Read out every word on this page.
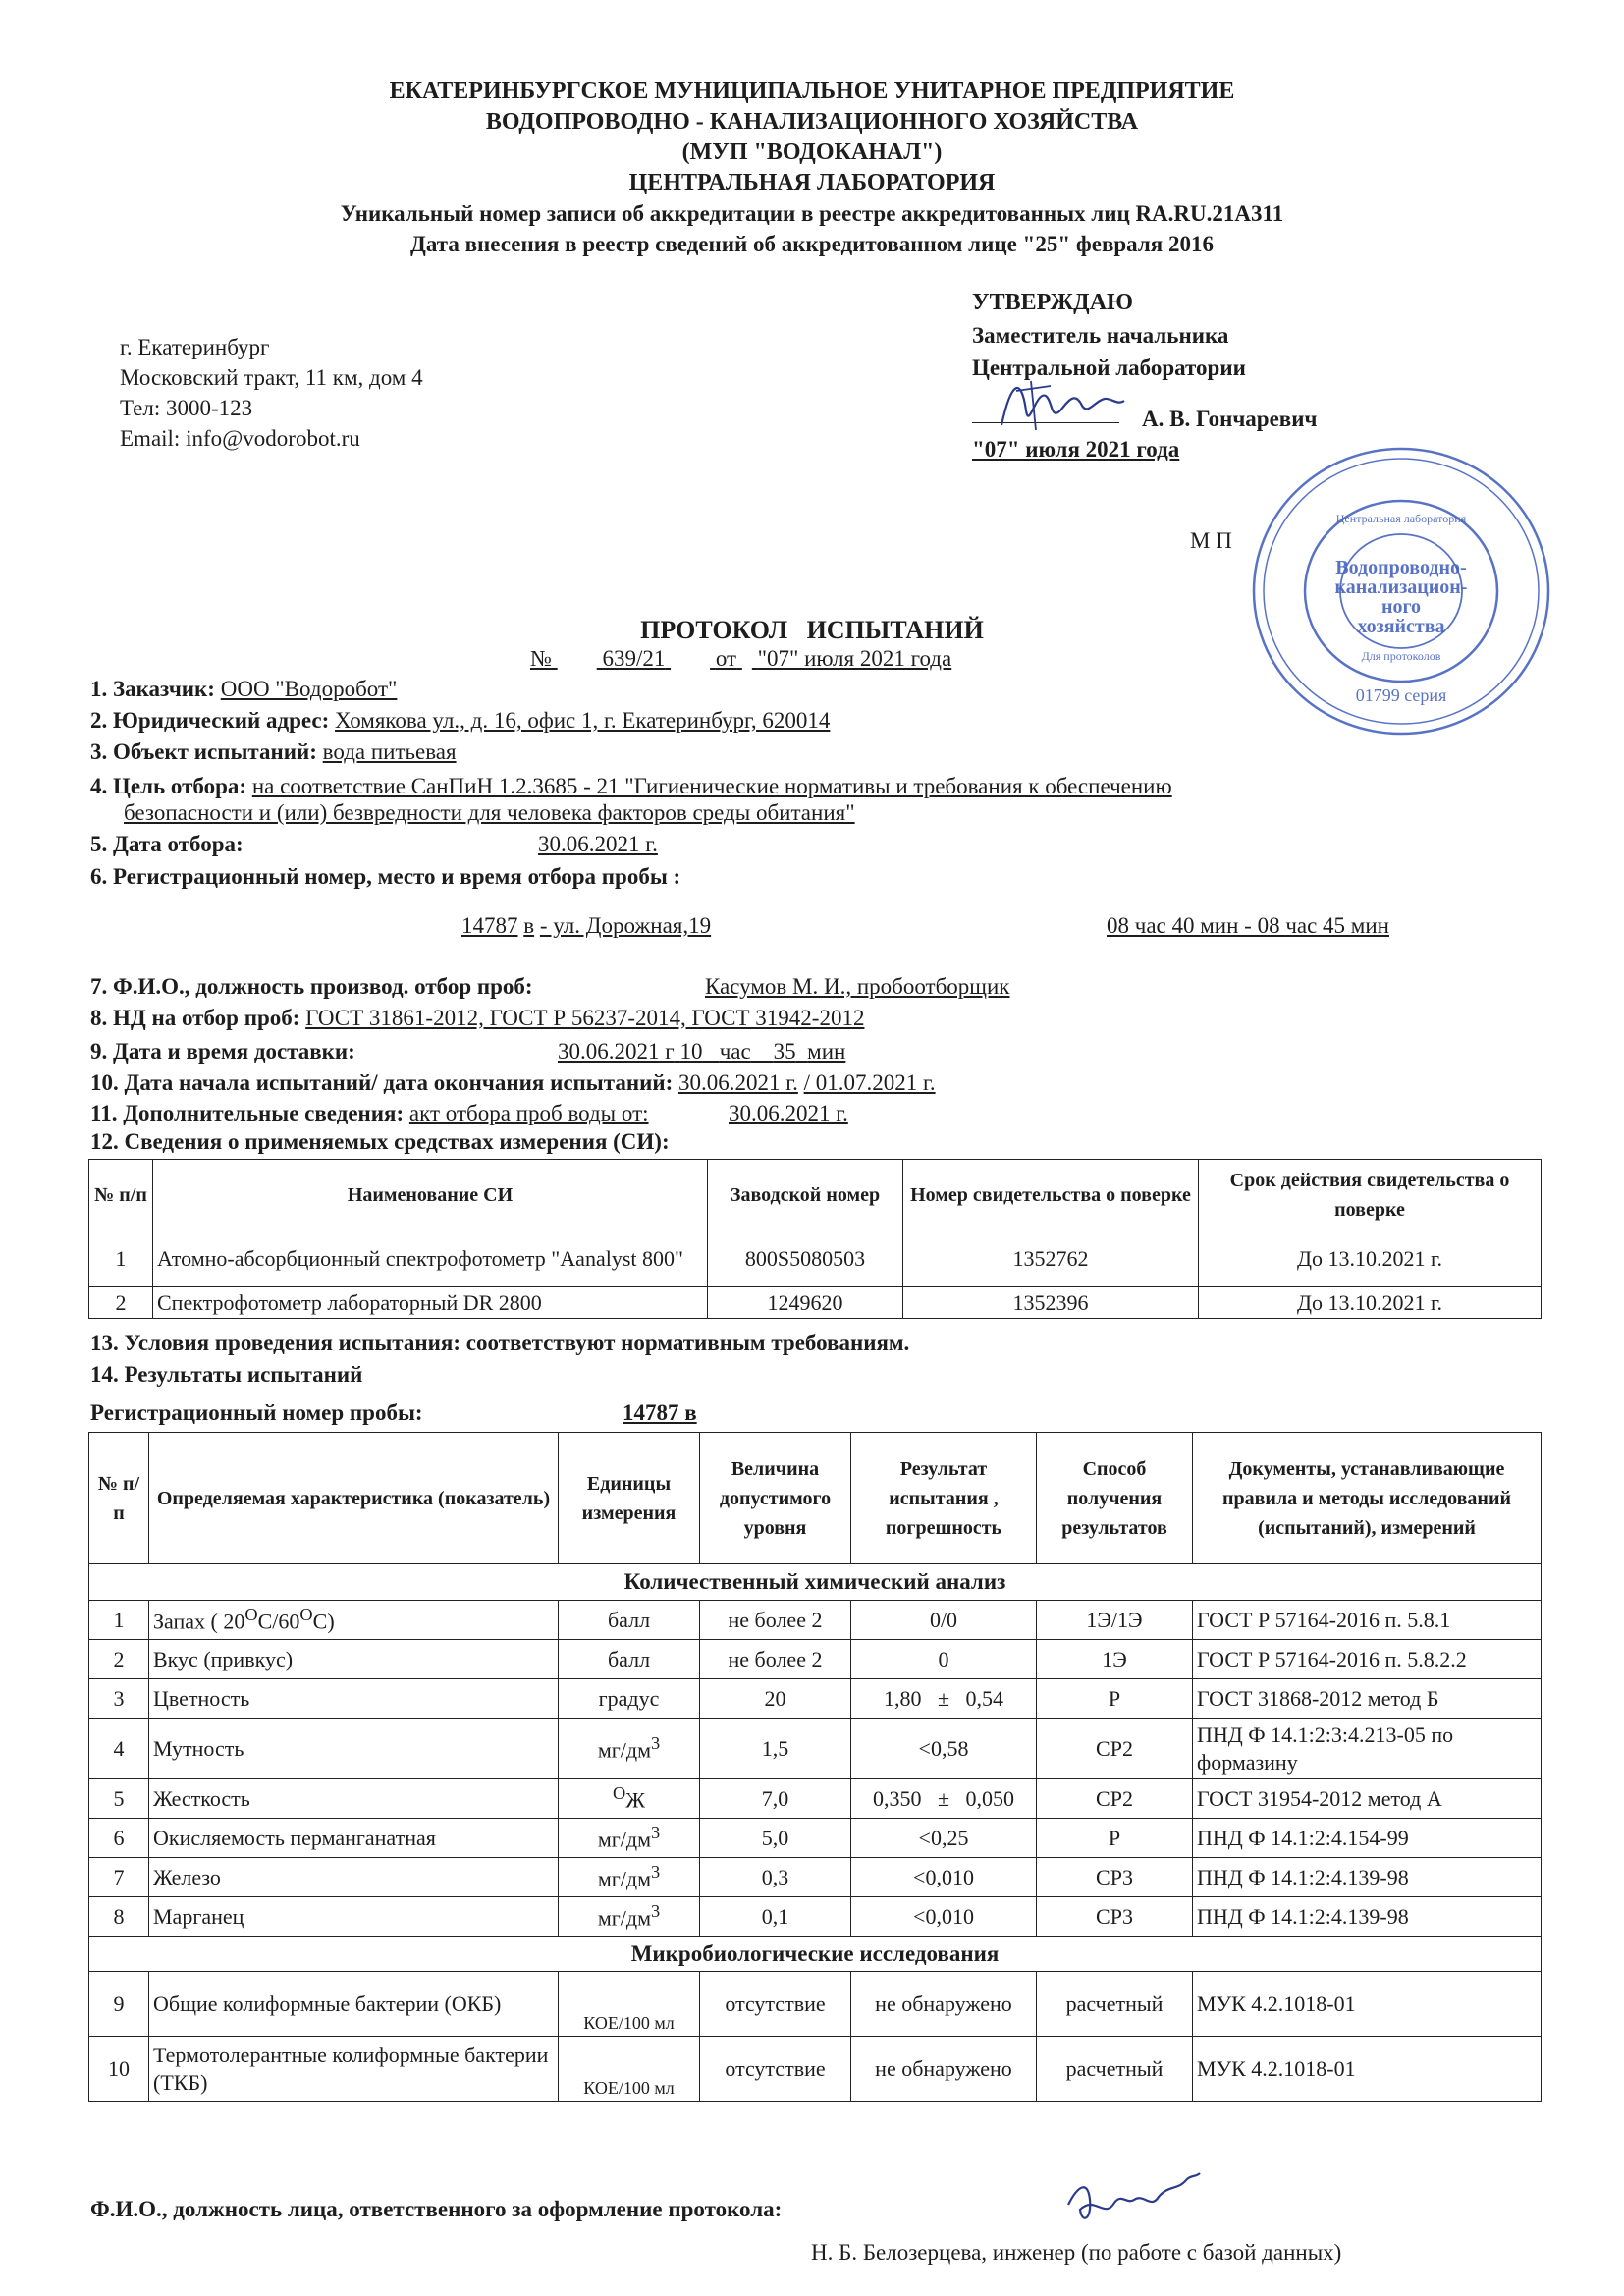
ЕКАТЕРИНБУРГСКОЕ МУНИЦИПАЛЬНОЕ УНИТАРНОЕ ПРЕДПРИЯТИЕ
ВОДОПРОВОДНО - КАНАЛИЗАЦИОННОГО ХОЗЯЙСТВА
(МУП "ВОДОКАНАЛ")
ЦЕНТРАЛЬНАЯ ЛАБОРАТОРИЯ
Уникальный номер записи об аккредитации в реестре аккредитованных лиц RA.RU.21А311
Дата внесения в реестр сведений об аккредитованном лице "25" февраля 2016
УТВЕРЖДАЮ
Заместитель начальника
Центральной лаборатории
А. В. Гончаревич
"07" июля 2021 года
М П
г. Екатеринбург
Московский тракт, 11 км, дом 4
Тел: 3000-123
Email: info@vodorobot.ru
Водопроводно-
канализацион-
ного
хозяйства
Центральная лаборатория
Для протоколов
01799 серия
ПРОТОКОЛ   ИСПЫТАНИЙ
№ 639/21 от "07" июля 2021 года
1. Заказчик: ООО "Водоробот"
2. Юридический адрес: Хомякова ул., д. 16, офис 1, г. Екатеринбург, 620014
3. Объект испытаний: вода питьевая
4. Цель отбора: на соответствие СанПиН 1.2.3685 - 21 "Гигиенические нормативы и требования к обеспечению
безопасности и (или) безвредности для человека факторов среды обитания"
5. Дата отбора:	30.06.2021 г.
6. Регистрационный номер, место и время отбора пробы :
14787 в - ул. Дорожная,19	08 час 40 мин - 08 час 45 мин
7. Ф.И.О., должность производ. отбор проб:	Касумов М. И., пробоотборщик
8. НД на отбор проб: ГОСТ 31861-2012, ГОСТ Р 56237-2014, ГОСТ 31942-2012
9. Дата и время доставки:	30.06.2021 г 10 час 35 мин
10. Дата начала испытаний/ дата окончания испытаний: 30.06.2021 г. / 01.07.2021 г.
11. Дополнительные сведения: акт отбора проб воды от:	30.06.2021 г.
12. Сведения о применяемых средствах измерения (СИ):
№ п/п	Наименование СИ	Заводской номер	Номер свидетельства о поверке	Срок действия свидетельства о поверке
1	Атомно-абсорбционный спектрофотометр "Aanalyst 800"	800S5080503	1352762	До 13.10.2021 г.
2	Спектрофотометр лабораторный DR 2800	1249620	1352396	До 13.10.2021 г.
13. Условия проведения испытания: соответствуют нормативным требованиям.
14. Результаты испытаний
Регистрационный номер пробы:	14787 в
№ п/п	Определяемая характеристика (показатель)	Единицы измерения	Величина допустимого уровня	Результат испытания , погрешность	Способ получения результатов	Документы, устанавливающие правила и методы исследований (испытаний), измерений
Количественный химический анализ						
1	Запах ( $20^ОС/60^ОС$)	балл	не более 2	0/0	1Э/1Э	ГОСТ Р 57164-2016 п. 5.8.1
2	Вкус (привкус)	балл	не более 2	0	1Э	ГОСТ Р 57164-2016 п. 5.8.2.2
3	Цветность	градус	20	1,80   ±   0,54	Р	ГОСТ 31868-2012 метод Б
4	Мутность	$мг/дм^3$	1,5	<0,58	СР2	ПНД Ф 14.1:2:3:4.213-05 по формазину
5	Жесткость	$^О$Ж	7,0	0,350   ±   0,050	СР2	ГОСТ 31954-2012 метод А
6	Окисляемость перманганатная	$мг/дм^3$	5,0	<0,25	Р	ПНД Ф 14.1:2:4.154-99
7	Железо	$мг/дм^3$	0,3	<0,010	СР3	ПНД Ф 14.1:2:4.139-98
8	Марганец	$мг/дм^3$	0,1	<0,010	СР3	ПНД Ф 14.1:2:4.139-98
Микробиологические исследования						
9	Общие колиформные бактерии (ОКБ)	КОЕ/100 мл	отсутствие	не обнаружено	расчетный	МУК 4.2.1018-01
10	Термотолерантные колиформные бактерии (ТКБ)	КОЕ/100 мл	отсутствие	не обнаружено	расчетный	МУК 4.2.1018-01
Ф.И.О., должность лица, ответственного за оформление протокола:
Н. Б. Белозерцева, инженер (по работе с базой данных)
